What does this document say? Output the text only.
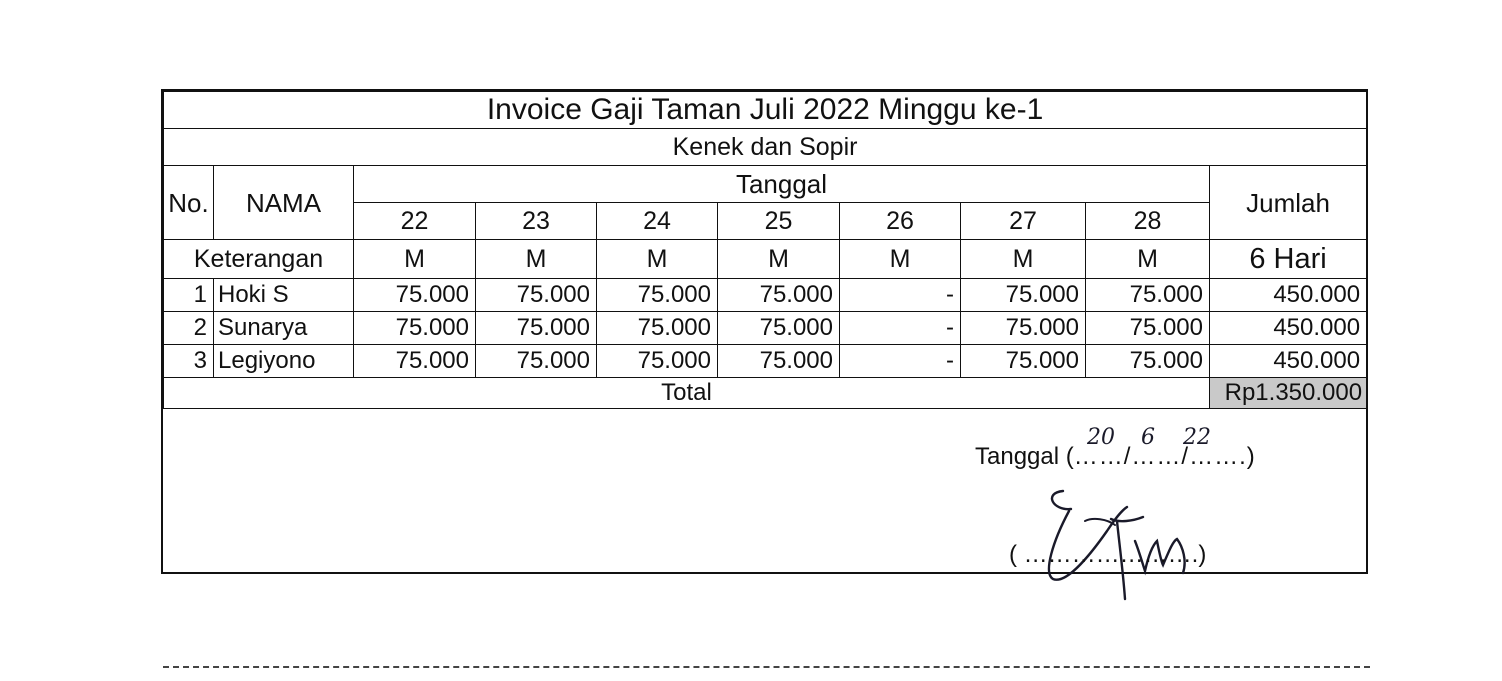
Invoice Gaji Taman Juli 2022 Minggu ke-1									
Kenek dan Sopir									
No.	NAMA	Tanggal							Jumlah
		22	23	24	25	26	27	28	
Keterangan		M	M	M	M	M	M	M	6 Hari
1	Hoki S	75.000	75.000	75.000	75.000	-	75.000	75.000	450.000
2	Sunarya	75.000	75.000	75.000	75.000	-	75.000	75.000	450.000
3	Legiyono	75.000	75.000	75.000	75.000	-	75.000	75.000	450.000
Total									Rp1.350.000
Tanggal (……/……/…….)
20 6 22
( ………………….)
